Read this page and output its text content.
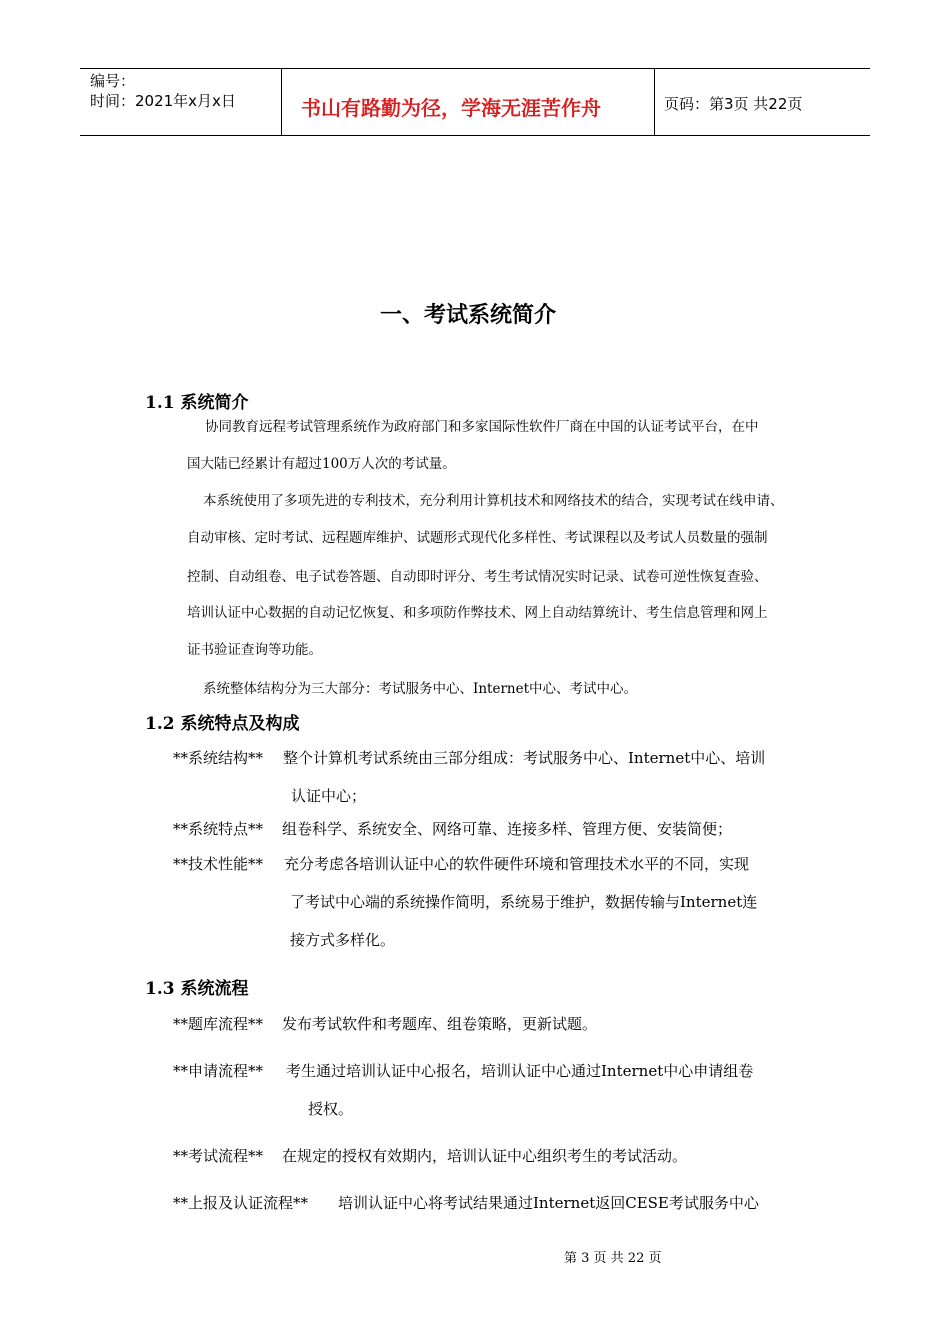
编号：
时间：2021年x月x日	书山有路勤为径，学海无涯苦作舟	页码：第3页 共22页
一、考试系统简介
1.1 系统简介
协同教育远程考试管理系统作为政府部门和多家国际性软件厂商在中国的认证考试平台，在中
国大陆已经累计有超过100万人次的考试量。
本系统使用了多项先进的专利技术，充分利用计算机技术和网络技术的结合，实现考试在线申请、
自动审核、定时考试、远程题库维护、试题形式现代化多样性、考试课程以及考试人员数量的强制
控制、自动组卷、电子试卷答题、自动即时评分、考生考试情况实时记录、试卷可逆性恢复查验、
培训认证中心数据的自动记忆恢复、和多项防作弊技术、网上自动结算统计、考生信息管理和网上
证书验证查询等功能。
系统整体结构分为三大部分：考试服务中心、Internet中心、考试中心。
1.2 系统特点及构成
**系统结构** 整个计算机考试系统由三部分组成：考试服务中心、Internet中心、培训
认证中心；
**系统特点** 组卷科学、系统安全、网络可靠、连接多样、管理方便、安装简便；
**技术性能** 充分考虑各培训认证中心的软件硬件环境和管理技术水平的不同，实现
了考试中心端的系统操作简明，系统易于维护，数据传输与Internet连
接方式多样化。
1.3 系统流程
**题库流程** 发布考试软件和考题库、组卷策略，更新试题。
**申请流程** 考生通过培训认证中心报名，培训认证中心通过Internet中心申请组卷
授权。
**考试流程** 在规定的授权有效期内，培训认证中心组织考生的考试活动。
**上报及认证流程** 培训认证中心将考试结果通过Internet返回CESE考试服务中心
第 3 页 共 22 页
